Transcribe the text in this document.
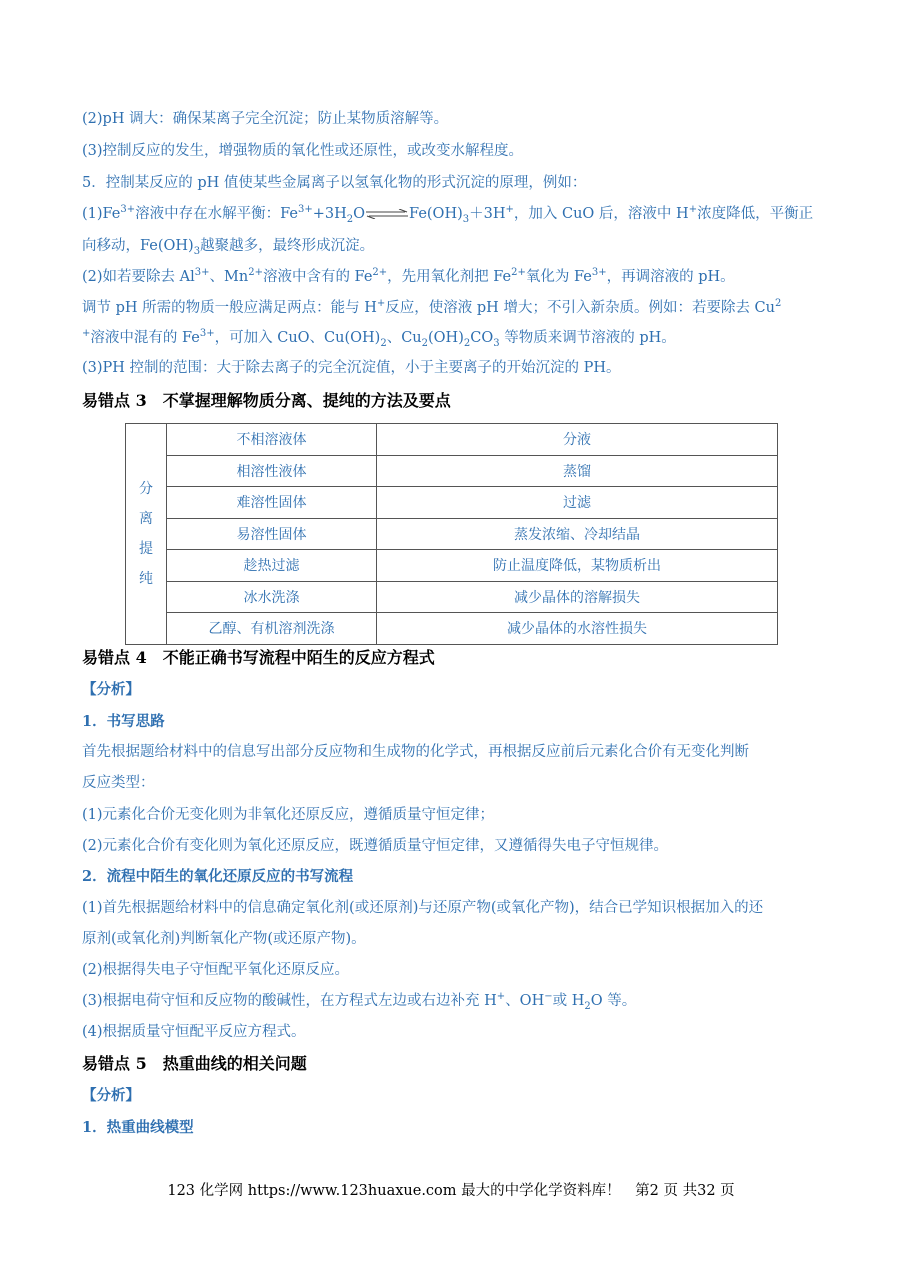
(2)pH 调大：确保某离子完全沉淀；防止某物质溶解等。
(3)控制反应的发生，增强物质的氧化性或还原性，或改变水解程度。
5．控制某反应的 pH 值使某些金属离子以氢氧化物的形式沉淀的原理，例如：
$(1)Fe^{3+}$溶液中存在水解平衡：$Fe^{3+}+3H_2O\rightleftharpoons Fe(OH)_3+3H^+$，加入 CuO 后，溶液中 H+浓度降低，平衡正
向移动，$Fe(OH)_3$越聚越多，最终形成沉淀。
(2)如若要除去 $Al^{3+}$、$Mn^{2+}$溶液中含有的 $Fe^{2+}$，先用氧化剂把 $Fe^{2+}$氧化为 $Fe^{3+}$，再调溶液的 pH。
调节 pH 所需的物质一般应满足两点：能与 H+反应，使溶液 pH 增大；不引入新杂质。例如：若要除去 Cu$^2$
+溶液中混有的 $Fe^{3+}$，可加入 CuO、$Cu(OH)_2$、$Cu_2(OH)_2CO_3$ 等物质来调节溶液的 pH。
(3)PH 控制的范围：大于除去离子的完全沉淀值，小于主要离子的开始沉淀的 PH。
易错点 3　不掌握理解物质分离、提纯的方法及要点
分
离
提
纯	不相溶液体	分液
	相溶性液体	蒸馏
	难溶性固体	过滤
	易溶性固体	蒸发浓缩、冷却结晶
	趁热过滤	防止温度降低，某物质析出
	冰水洗涤	减少晶体的溶解损失
	乙醇、有机溶剂洗涤	减少晶体的水溶性损失
易错点 4　不能正确书写流程中陌生的反应方程式
【分析】
1．书写思路
首先根据题给材料中的信息写出部分反应物和生成物的化学式，再根据反应前后元素化合价有无变化判断
反应类型：
(1)元素化合价无变化则为非氧化还原反应，遵循质量守恒定律；
(2)元素化合价有变化则为氧化还原反应，既遵循质量守恒定律，又遵循得失电子守恒规律。
2．流程中陌生的氧化还原反应的书写流程
(1)首先根据题给材料中的信息确定氧化剂(或还原剂)与还原产物(或氧化产物)，结合已学知识根据加入的还
原剂(或氧化剂)判断氧化产物(或还原产物)。
(2)根据得失电子守恒配平氧化还原反应。
(3)根据电荷守恒和反应物的酸碱性，在方程式左边或右边补充 H+、OH−或 $H_2O$ 等。
(4)根据质量守恒配平反应方程式。
易错点 5　热重曲线的相关问题
【分析】
1．热重曲线模型
123 化学网 https://www.123huaxue.com 最大的中学化学资料库！　第2 页 共32 页
